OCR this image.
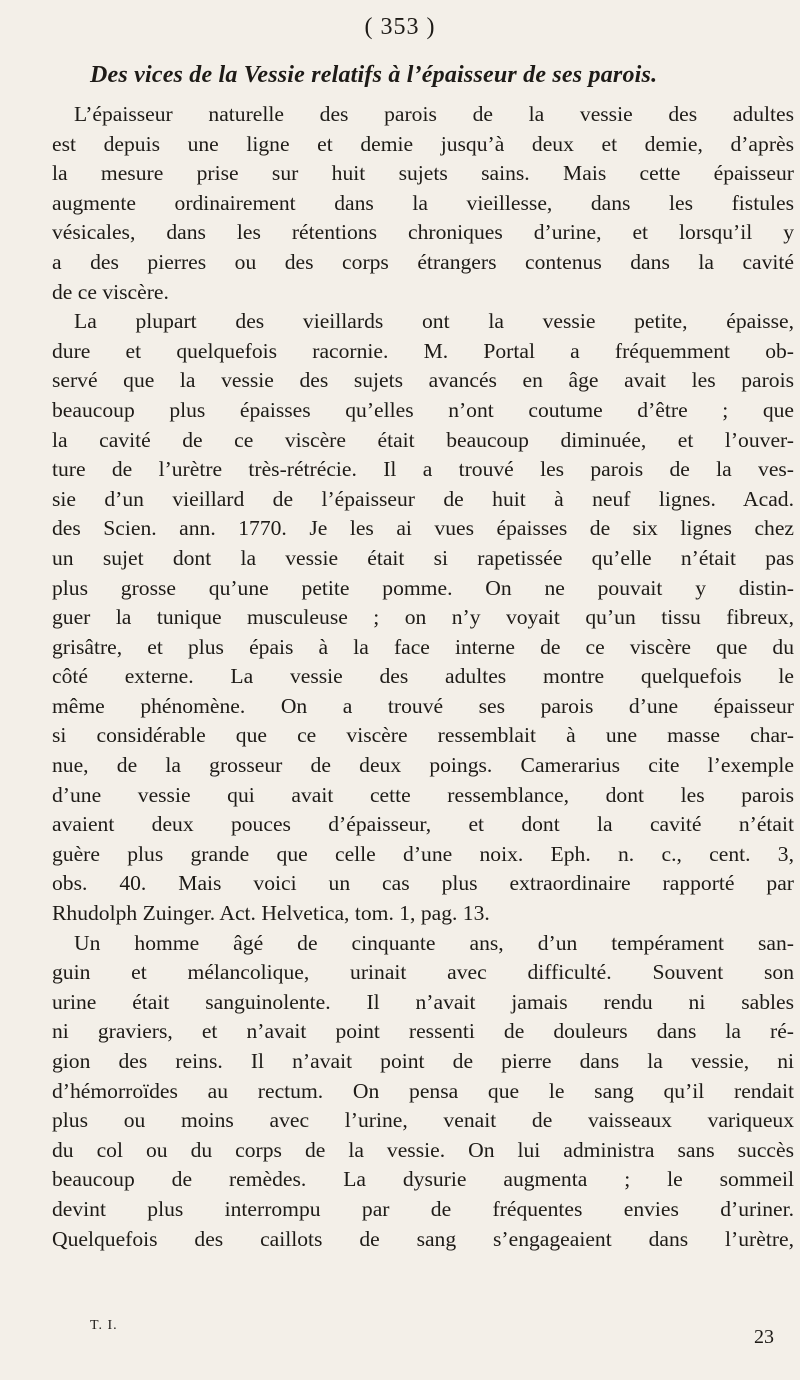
( 353 )
Des vices de la Vessie relatifs à l’épaisseur de ses parois.
L’épaisseur naturelle des parois de la vessie des adultes
est depuis une ligne et demie jusqu’à deux et demie, d’après
la mesure prise sur huit sujets sains. Mais cette épaisseur
augmente ordinairement dans la vieillesse, dans les fistules
vésicales, dans les rétentions chroniques d’urine, et lorsqu’il y
a des pierres ou des corps étrangers contenus dans la cavité
de ce viscère.
La plupart des vieillards ont la vessie petite, épaisse,
dure et quelquefois racornie. M. Portal a fréquemment ob-
servé que la vessie des sujets avancés en âge avait les parois
beaucoup plus épaisses qu’elles n’ont coutume d’être ; que
la cavité de ce viscère était beaucoup diminuée, et l’ouver-
ture de l’urètre très-rétrécie. Il a trouvé les parois de la ves-
sie d’un vieillard de l’épaisseur de huit à neuf lignes. Acad.
des Scien. ann. 1770. Je les ai vues épaisses de six lignes chez
un sujet dont la vessie était si rapetissée qu’elle n’était pas
plus grosse qu’une petite pomme. On ne pouvait y distin-
guer la tunique musculeuse ; on n’y voyait qu’un tissu fibreux,
grisâtre, et plus épais à la face interne de ce viscère que du
côté externe. La vessie des adultes montre quelquefois le
même phénomène. On a trouvé ses parois d’une épaisseur
si considérable que ce viscère ressemblait à une masse char-
nue, de la grosseur de deux poings. Camerarius cite l’exemple
d’une vessie qui avait cette ressemblance, dont les parois
avaient deux pouces d’épaisseur, et dont la cavité n’était
guère plus grande que celle d’une noix. Eph. n. c., cent. 3,
obs. 40. Mais voici un cas plus extraordinaire rapporté par
Rhudolph Zuinger. Act. Helvetica, tom. 1, pag. 13.
Un homme âgé de cinquante ans, d’un tempérament san-
guin et mélancolique, urinait avec difficulté. Souvent son
urine était sanguinolente. Il n’avait jamais rendu ni sables
ni graviers, et n’avait point ressenti de douleurs dans la ré-
gion des reins. Il n’avait point de pierre dans la vessie, ni
d’hémorroïdes au rectum. On pensa que le sang qu’il rendait
plus ou moins avec l’urine, venait de vaisseaux variqueux
du col ou du corps de la vessie. On lui administra sans succès
beaucoup de remèdes. La dysurie augmenta ; le sommeil
devint plus interrompu par de fréquentes envies d’uriner.
Quelquefois des caillots de sang s’engageaient dans l’urètre,
T. I.
23
